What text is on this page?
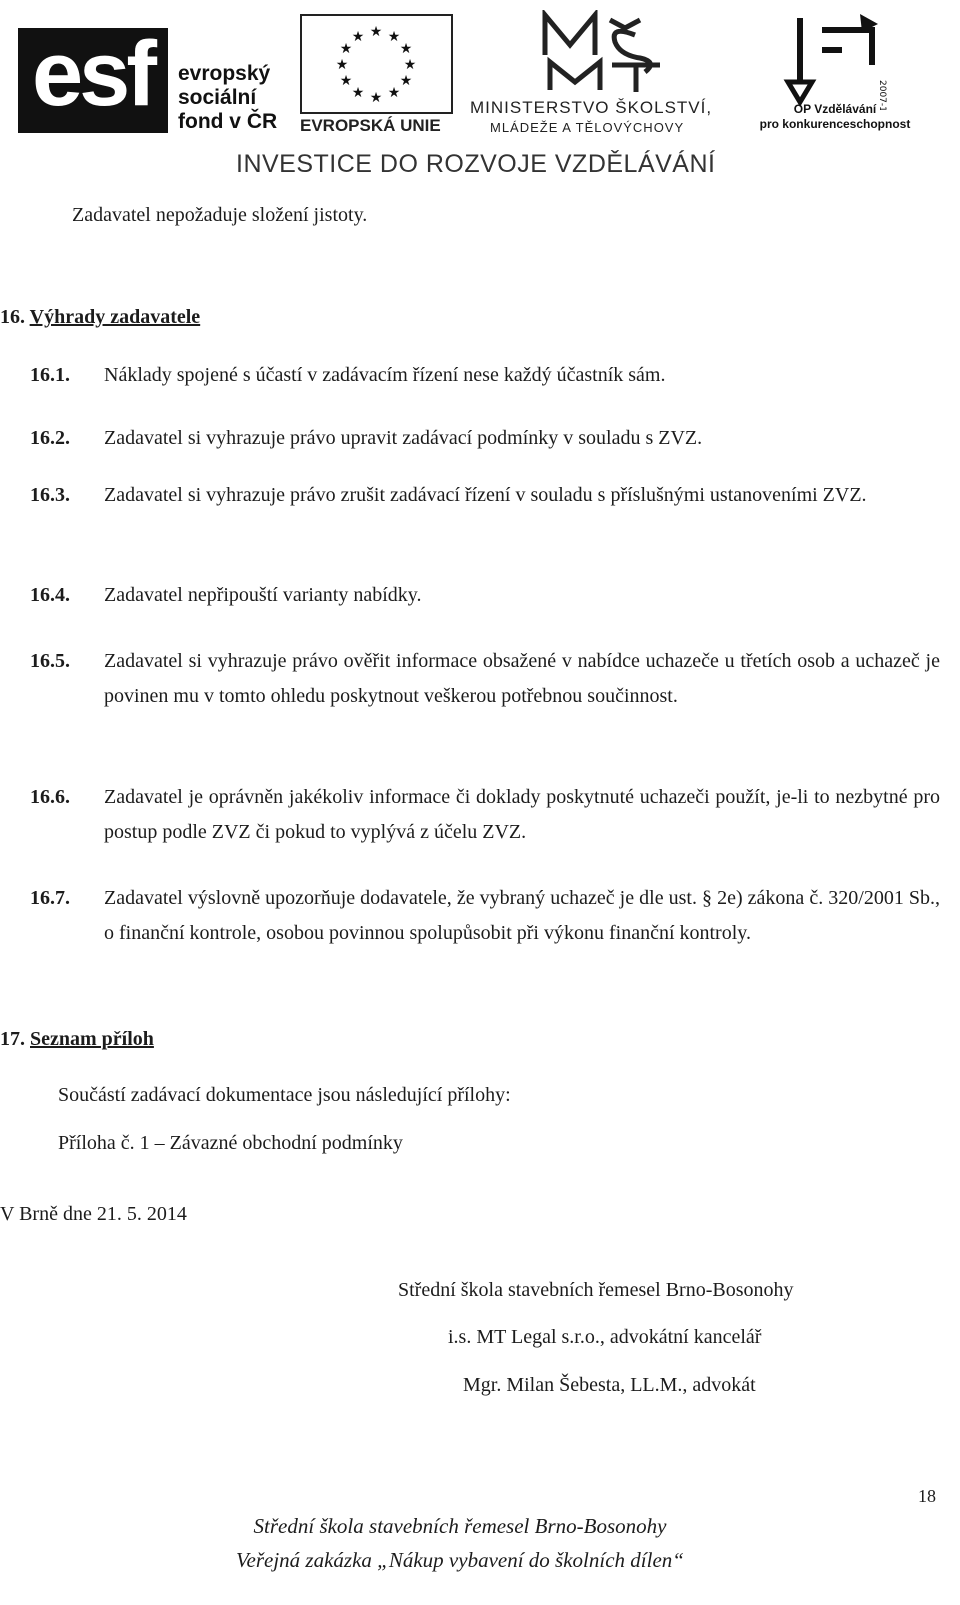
esf evropský
sociální
fond v ČR
★ ★
★
★
★
★
★
★
★
★
★
★
EVROPSKÁ UNIE
MINISTERSTVO ŠKOLSTVÍ,
MLÁDEŽE A TĚLOVÝCHOVY
2007-13
OP Vzdělávání
pro konkurenceschopnost
INVESTICE DO ROZVOJE VZDĚLÁVÁNÍ
Zadavatel nepožaduje složení jistoty.
16. Výhrady zadavatele
16.1.	Náklady spojené s účastí v zadávacím řízení nese každý účastník sám.
16.2.	Zadavatel si vyhrazuje právo upravit zadávací podmínky v souladu s ZVZ.
16.3.	Zadavatel si vyhrazuje právo zrušit zadávací řízení v souladu s příslušnými ustanoveními ZVZ.
16.4.	Zadavatel nepřipouští varianty nabídky.
16.5.	Zadavatel si vyhrazuje právo ověřit informace obsažené v nabídce uchazeče u třetích osob a uchazeč je povinen mu v tomto ohledu poskytnout veškerou potřebnou součinnost.
16.6.	Zadavatel je oprávněn jakékoliv informace či doklady poskytnuté uchazeči použít, je-li to nezbytné pro postup podle ZVZ či pokud to vyplývá z účelu ZVZ.
16.7.	Zadavatel výslovně upozorňuje dodavatele, že vybraný uchazeč je dle ust. § 2e) zákona č. 320/2001 Sb., o finanční kontrole, osobou povinnou spolupůsobit při výkonu finanční kontroly.
17. Seznam příloh
Součástí zadávací dokumentace jsou následující přílohy:
Příloha č. 1 – Závazné obchodní podmínky
V Brně dne 21. 5. 2014
Střední škola stavebních řemesel Brno-Bosonohy
i.s. MT Legal s.r.o., advokátní kancelář
Mgr. Milan Šebesta, LL.M., advokát
18
Střední škola stavebních řemesel Brno-Bosonohy
Veřejná zakázka „Nákup vybavení do školních dílen“
